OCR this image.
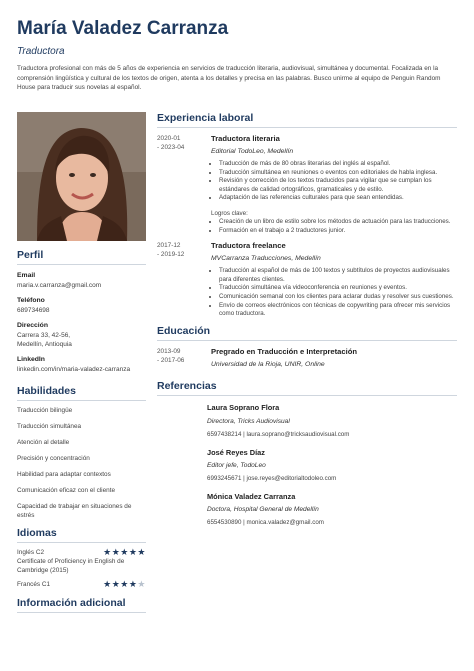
María Valadez Carranza
Traductora
Traductora profesional con más de 5 años de experiencia en servicios de traducción literaria, audiovisual, simultánea y documental. Focalizada en la comprensión lingüística y cultural de los textos de origen, atenta a los detalles y precisa en las palabras. Busco unirme al equipo de Penguin Random House para traducir sus novelas al español.
Perfil
Email
maria.v.carranza@gmail.com
Teléfono
689734698
Dirección
Carrera 33, 42-56,
Medellín, Antioquia
LinkedIn
linkedin.com/in/maria-valadez-carranza
Habilidades
Traducción bilingüe
Traducción simultánea
Atención al detalle
Precisión y concentración
Habilidad para adaptar contextos
Comunicación eficaz con el cliente
Capacidad de trabajar en situaciones de estrés
Idiomas
Inglés C2	★★★★★
Certificate of Proficiency in English de Cambridge (2015)
Francés C1	★★★★★
Información adicional
Experiencia laboral
2020-01
- 2023-04
Traductora literaria
Editorial TodoLeo, Medellín
• Traducción de más de 80 obras literarias del inglés al español.
• Traducción simultánea en reuniones o eventos con editoriales de habla inglesa.
• Revisión y corrección de los textos traducidos para vigilar que se cumplan los estándares de calidad ortográficos, gramaticales y de estilo.
• Adaptación de las referencias culturales para que sean entendidas.
Logros clave:
• Creación de un libro de estilo sobre los métodos de actuación para las traducciones.
• Formación en el trabajo a 2 traductores junior.
2017-12
- 2019-12
Traductora freelance
MVCarranza Traducciones, Medellín
• Traducción al español de más de 100 textos y subtítulos de proyectos audiovisuales para diferentes clientes.
• Traducción simultánea vía videoconferencia en reuniones y eventos.
• Comunicación semanal con los clientes para aclarar dudas y resolver sus cuestiones.
• Envío de correos electrónicos con técnicas de copywriting para ofrecer mis servicios como traductora.
Educación
2013-09
- 2017-06
Pregrado en Traducción e Interpretación
Universidad de la Rioja, UNIR, Online
Referencias
Laura Soprano Flora
Directora, Tricks Audiovisual
6597438214 | laura.soprano@tricksaudiovisual.com
José Reyes Díaz
Editor jefe, TodoLeo
6993245671 | jose.reyes@editorialtodoleo.com
Mónica Valadez Carranza
Doctora, Hospital General de Medellín
6554530890 | monica.valadez@gmail.com
